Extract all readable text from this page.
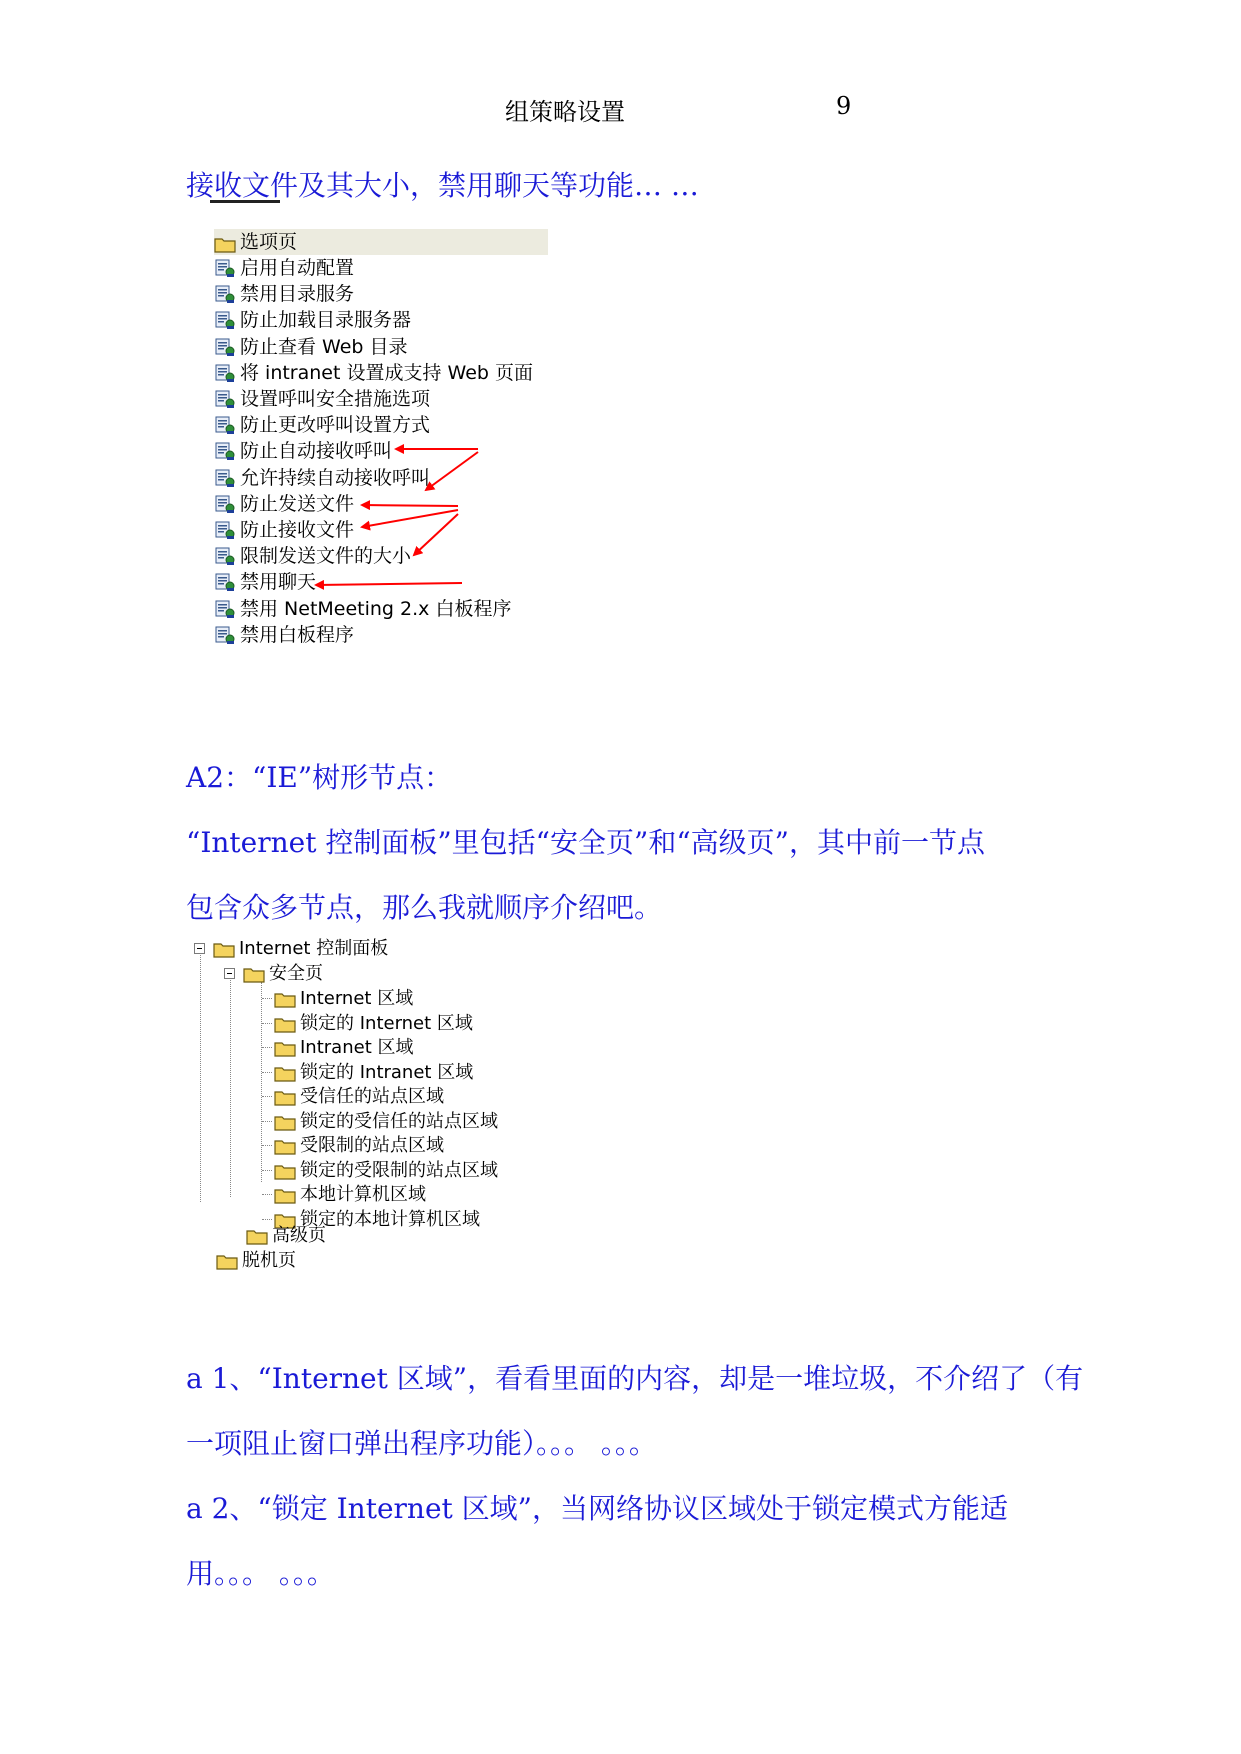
组策略设置	9
接收文件及其大小，禁用聊天等功能… …
选项页
启用自动配置
禁用目录服务
防止加载目录服务器
防止查看 Web 目录
将 intranet 设置成支持 Web 页面
设置呼叫安全措施选项
防止更改呼叫设置方式
防止自动接收呼叫
允许持续自动接收呼叫
防止发送文件
防止接收文件
限制发送文件的大小
禁用聊天
禁用 NetMeeting 2.x 白板程序
禁用白板程序
A2：“IE”树形节点：
“Internet 控制面板”里包括“安全页”和“高级页”，其中前一节点
包含众多节点，那么我就顺序介绍吧。
Internet 控制面板
安全页
Internet 区域
锁定的 Internet 区域
Intranet 区域
锁定的 Intranet 区域
受信任的站点区域
锁定的受信任的站点区域
受限制的站点区域
锁定的受限制的站点区域
本地计算机区域
锁定的本地计算机区域
高级页
脱机页
a 1、“Internet 区域”，看看里面的内容，却是一堆垃圾，不介绍了（有
一项阻止窗口弹出程序功能）。。。 。。。
a 2、“锁定 Internet 区域”，当网络协议区域处于锁定模式方能适
用。。。 。。。
